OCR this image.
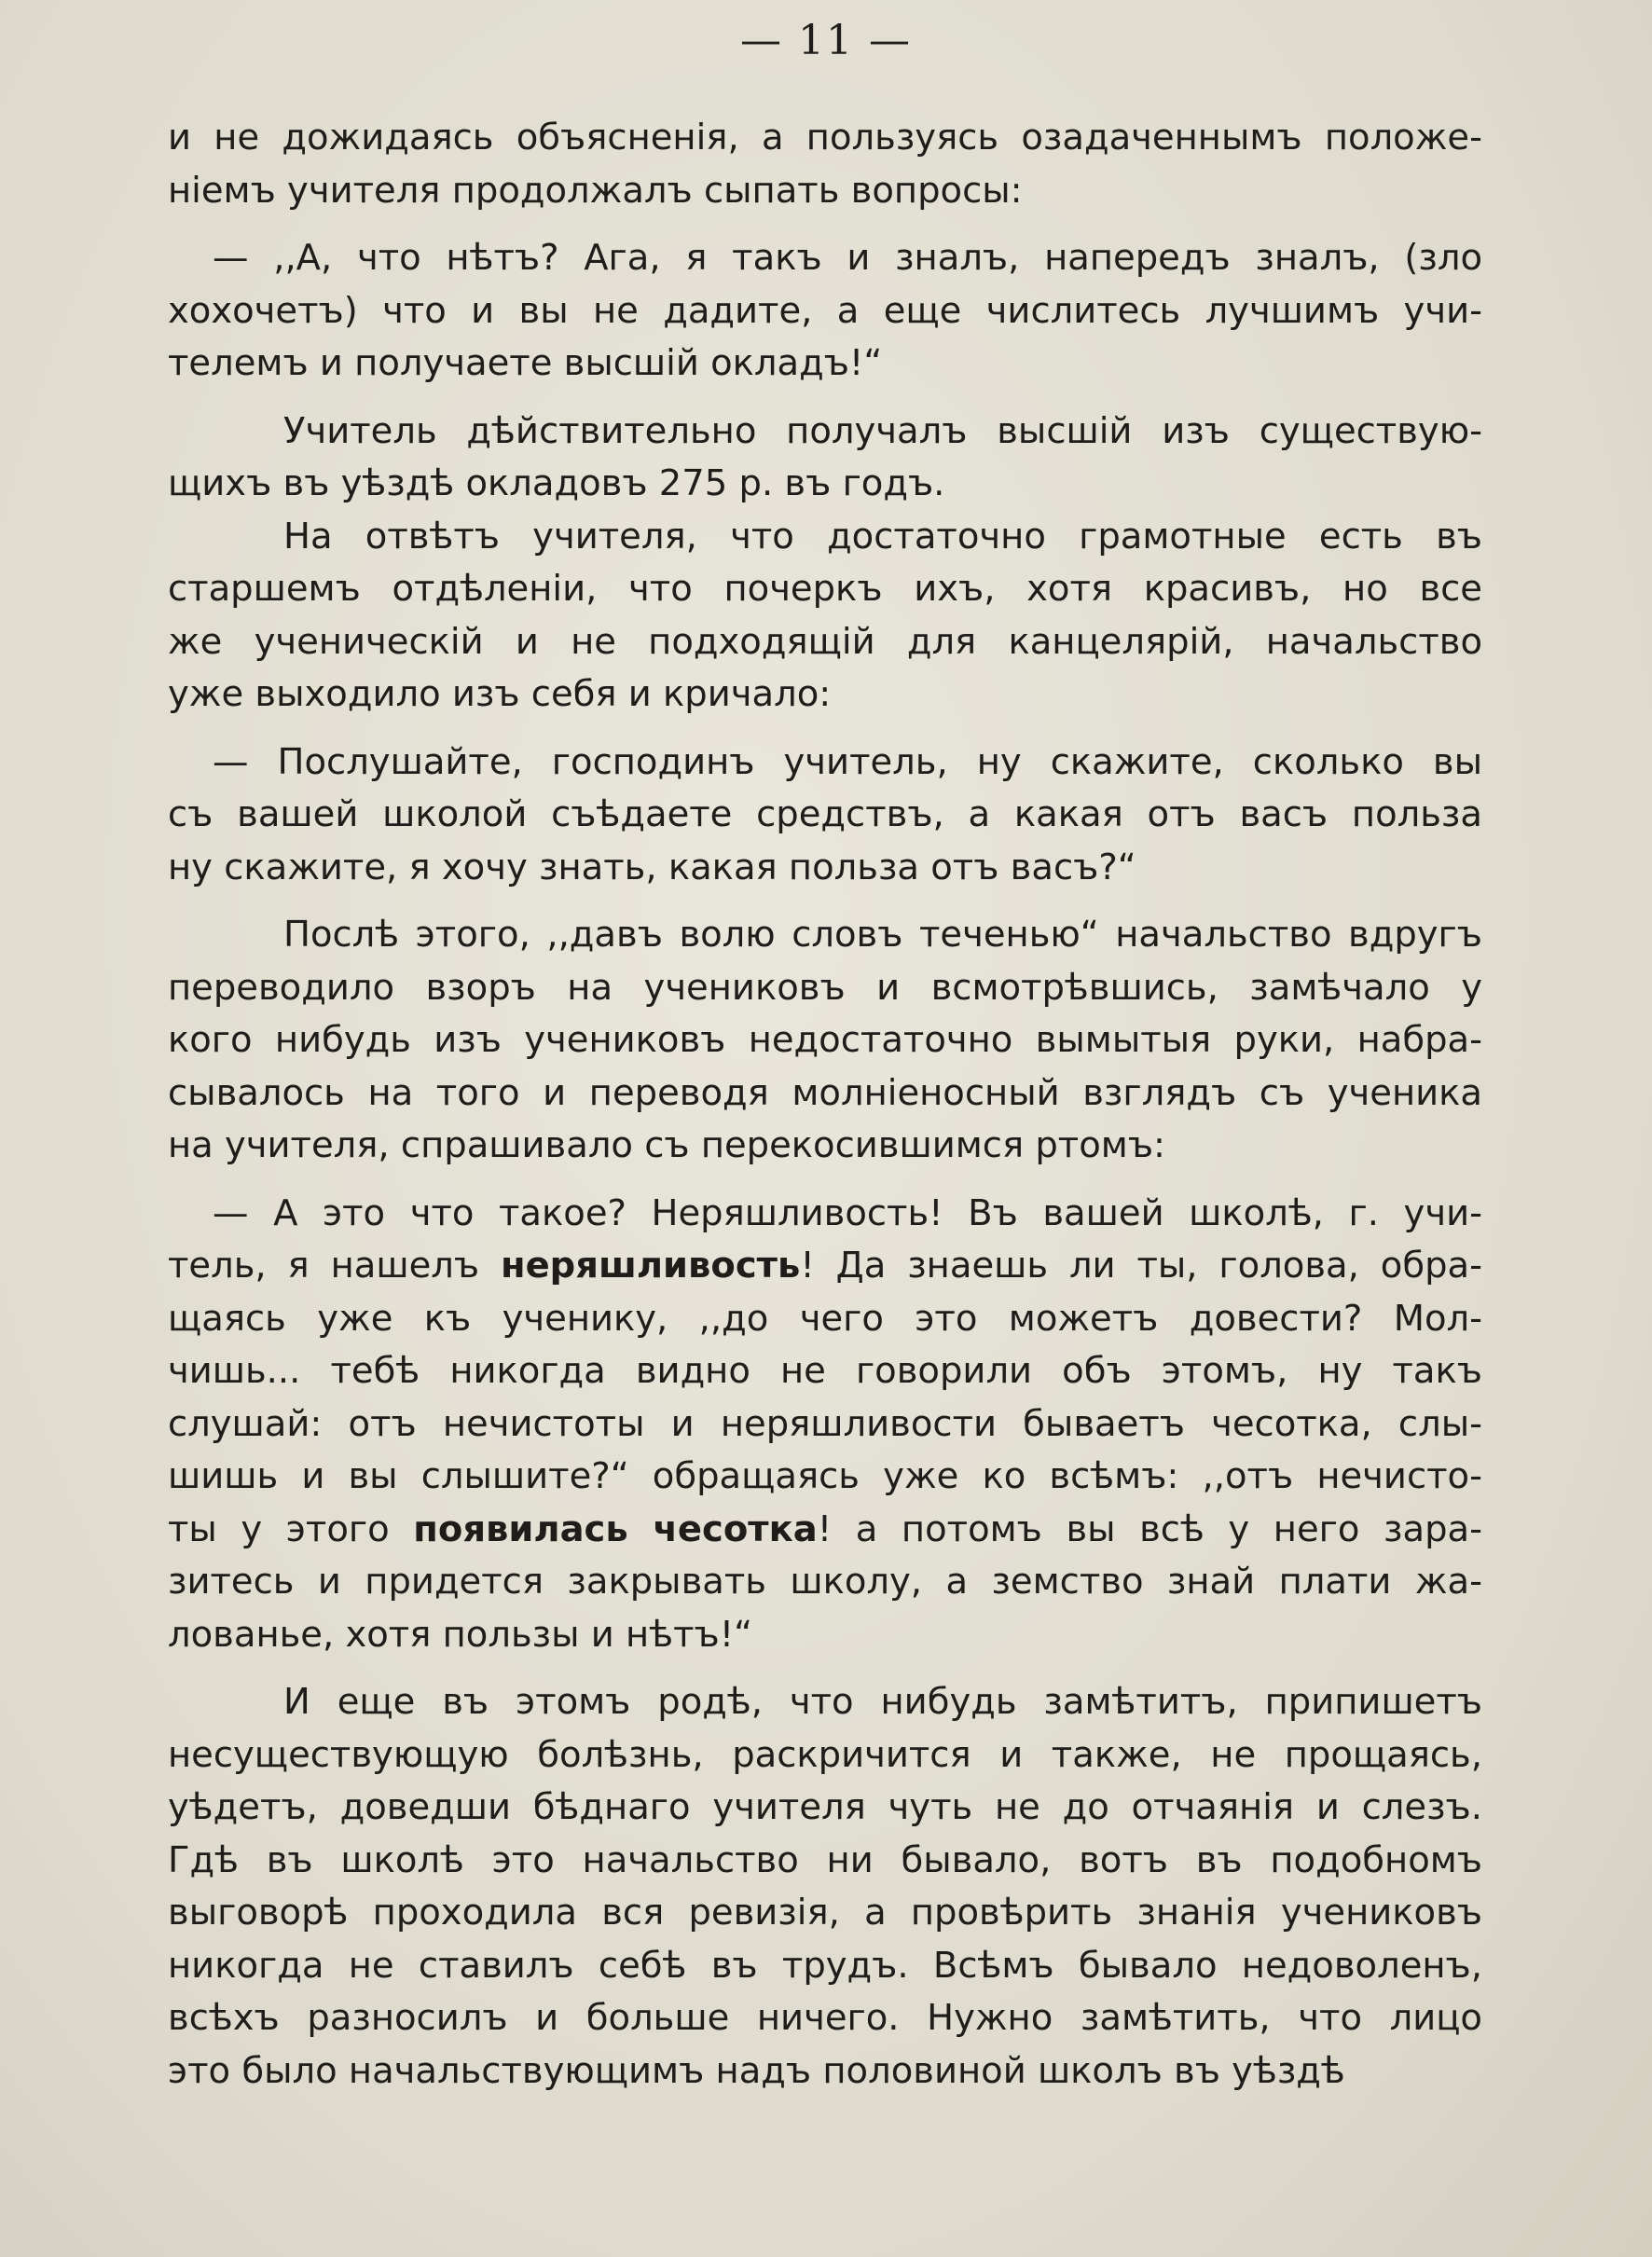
— 11 —
и не дожидаясь объясненія, а пользуясь озадаченнымъ положе-
ніемъ учителя продолжалъ сыпать вопросы:
— ,,А, что нѣтъ? Ага, я такъ и зналъ, напередъ зналъ, (зло
хохочетъ) что и вы не дадите, а еще числитесь лучшимъ учи-
телемъ и получаете высшій окладъ!“
Учитель дѣйствительно получалъ высшій изъ существую-
щихъ въ уѣздѣ окладовъ 275 р. въ годъ.
На отвѣтъ учителя, что достаточно грамотные есть въ
старшемъ отдѣленіи, что почеркъ ихъ, хотя красивъ, но все
же ученическій и не подходящій для канцелярій, начальство
уже выходило изъ себя и кричало:
— Послушайте, господинъ учитель, ну скажите, сколько вы
съ вашей школой съѣдаете средствъ, а какая отъ васъ польза
ну скажите, я хочу знать, какая польза отъ васъ?“
Послѣ этого, ,,давъ волю словъ теченью“ начальство вдругъ
переводило взоръ на учениковъ и всмотрѣвшись, замѣчало у
кого нибудь изъ учениковъ недостаточно вымытыя руки, набра-
сывалось на того и переводя молніеносный взглядъ съ ученика
на учителя, спрашивало съ перекосившимся ртомъ:
— А это что такое? Неряшливость! Въ вашей школѣ, г. учи-
тель, я нашелъ неряшливость! Да знаешь ли ты, голова, обра-
щаясь уже къ ученику, ,,до чего это можетъ довести? Мол-
чишь... тебѣ никогда видно не говорили объ этомъ, ну такъ
слушай: отъ нечистоты и неряшливости бываетъ чесотка, слы-
шишь и вы слышите?“ обращаясь уже ко всѣмъ: ,,отъ нечисто-
ты у этого появилась чесотка! а потомъ вы всѣ у него зара-
зитесь и придется закрывать школу, а земство знай плати жа-
лованье, хотя пользы и нѣтъ!“
И еще въ этомъ родѣ, что нибудь замѣтитъ, припишетъ
несуществующую болѣзнь, раскричится и также, не прощаясь,
уѣдетъ, доведши бѣднаго учителя чуть не до отчаянія и слезъ.
Гдѣ въ школѣ это начальство ни бывало, вотъ въ подобномъ
выговорѣ проходила вся ревизія, а провѣрить знанія учениковъ
никогда не ставилъ себѣ въ трудъ. Всѣмъ бывало недоволенъ,
всѣхъ разносилъ и больше ничего. Нужно замѣтить, что лицо
это было начальствующимъ надъ половиной школъ въ уѣздѣ
